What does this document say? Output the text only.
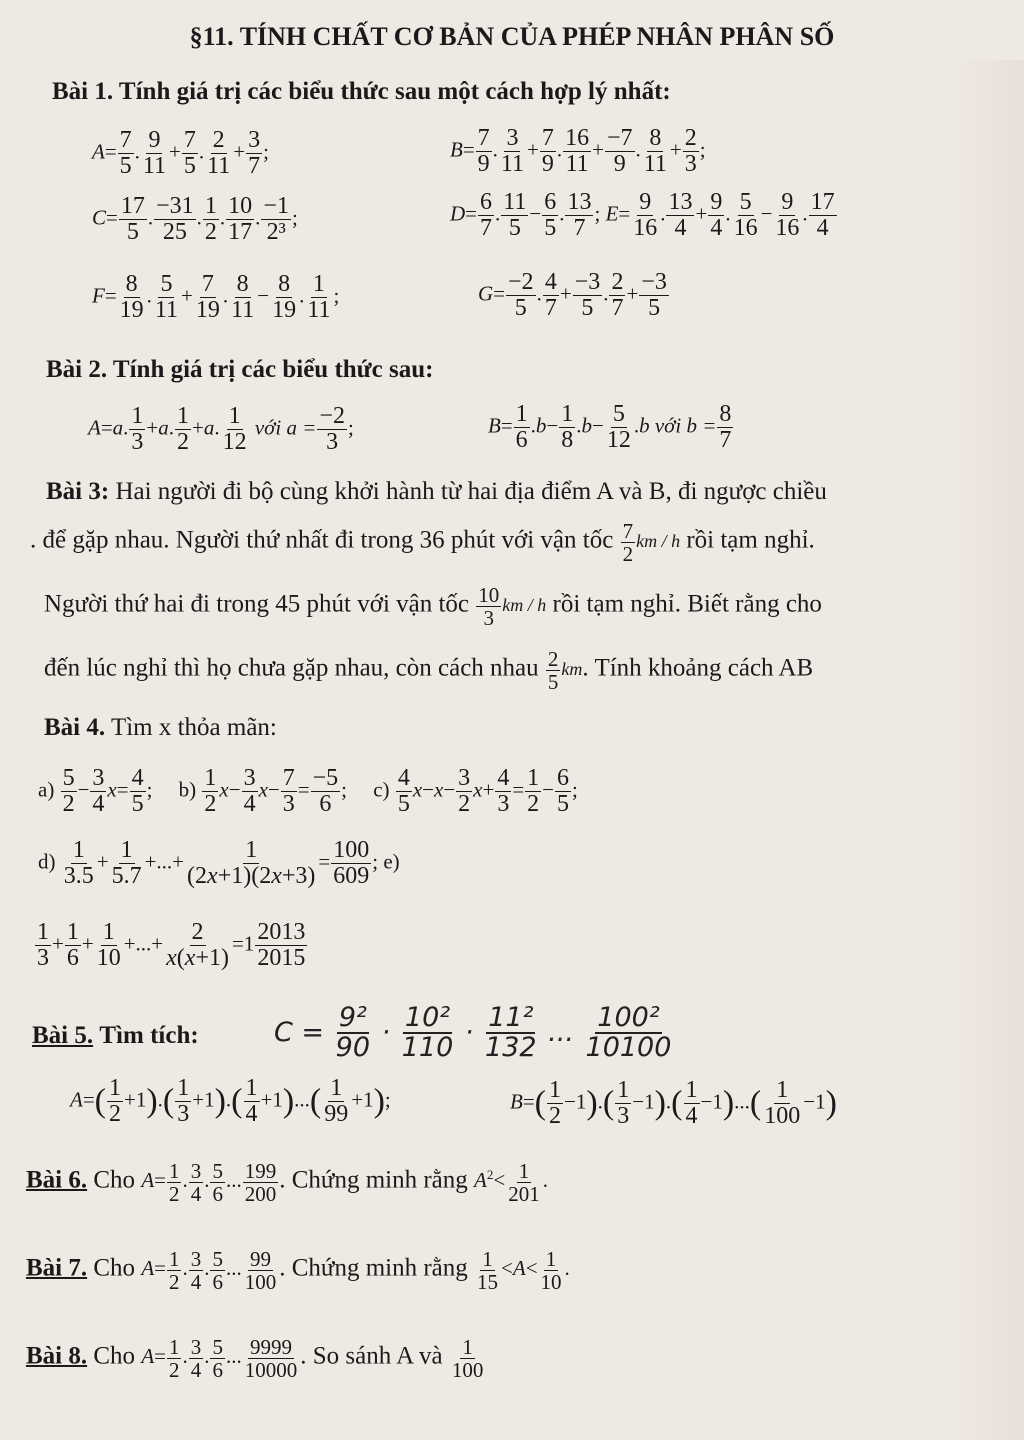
§11. TÍNH CHẤT CƠ BẢN CỦA PHÉP NHÂN PHÂN SỐ
Bài 1. Tính giá trị các biểu thức sau một cách hợp lý nhất:
$A= \frac{7}{5}$ . $\frac{9}{11} + \frac{7}{5}$ . $\frac{2}{11} + \frac{3}{7}$ ;	$B= \frac{7}{9}$ . $\frac{3}{11} + \frac{7}{9}$ . $\frac{16}{11} + \frac{-7}{9}$ . $\frac{8}{11} + \frac{2}{3}$ ;
$C= \frac{17}{5}$ . $\frac{-31}{25}$ . $\frac{1}{2}$ . $\frac{10}{17}$ . $\frac{-1}{\text{2³}}$ ;	$D= \frac{6}{7}$ . $\frac{11}{5} - \frac{6}{5}$ . $\frac{13}{7}$ ; $E= \frac{9}{16}$ . $\frac{13}{4} + \frac{9}{4}$ . $\frac{5}{16} - \frac{9}{16}$ . $\frac{17}{4}$
$F= \frac{8}{19}$ . $\frac{5}{11} + \frac{7}{19}$ . $\frac{8}{11} - \frac{8}{19}$ . $\frac{1}{11}$ ;	$G= \frac{-2}{5}$ . $\frac{4}{7} + \frac{-3}{5}$ . $\frac{2}{7} + \frac{-3}{5}$
Bài 2. Tính giá trị các biểu thức sau:
A=a. $\frac{1}{3} +a$. $\frac{1}{2} +a$. $\frac{1}{12}$ với $a = \frac{-2}{3}$ ;	$B= \frac{1}{6} .b- \frac{1}{8} .b- \frac{5}{12} .b$ với $b = \frac{8}{7}$
Bài 3: Hai người đi bộ cùng khởi hành từ hai địa điểm A và B, đi ngược chiều
. để gặp nhau. Người thứ nhất đi trong 36 phút với vận tốc $\frac{7}{2}$ km / h rồi tạm nghỉ.
Người thứ hai đi trong 45 phút với vận tốc $\frac{10}{3}$ km / h rồi tạm nghỉ. Biết rằng cho
đến lúc nghỉ thì họ chưa gặp nhau, còn cách nhau $\frac{2}{5}$ km. Tính khoảng cách AB
Bài 4. Tìm x thỏa mãn:
$a) \frac{5}{2} - \frac{3}{4} x= \frac{4}{5}$ ;     $b) \frac{1}{2} x- \frac{3}{4} x- \frac{7}{3} = \frac{-5}{6}$ ;     $c) \frac{4}{5} x-x- \frac{3}{2} x+ \frac{4}{3} = \frac{1}{2} - \frac{6}{5}$ ;
$d) \frac{1}{3.5} + \frac{1}{5.7}$ +...+ $\frac{1}{(2x+1)(2x+3)} = \frac{100}{609}$ ; e)
$\frac{1}{3} + \frac{1}{6} + \frac{1}{10}$ +...+ $\frac{2}{x(x+1)} =1 \frac{2013}{2015}$
Bài 5. Tìm tích:	$C = \frac{\text{9²}}{90} \cdot \frac{\text{10²}}{110} \cdot \frac{\text{11²}}{132}$ ... $\frac{\text{100²}}{10100}$
$A=( \frac{1}{2} +1).( \frac{1}{3} +1).( \frac{1}{4} +1)...( \frac{1}{99} +1)$;	$B=( \frac{1}{2} -1).( \frac{1}{3} -1).( \frac{1}{4} -1)...( \frac{1}{100} -1)$
Bài 6. Cho $A= \frac{1}{2}$ . $\frac{3}{4}$ . $\frac{5}{6}$ ... $\frac{199}{200}$ . Chứng minh rằng $A^2< \frac{1}{201}$ .
Bài 7. Cho $A= \frac{1}{2}$ . $\frac{3}{4}$ . $\frac{5}{6}$ ... $\frac{99}{100}$ . Chứng minh rằng $\frac{1}{15} <A< \frac{1}{10}$ .
Bài 8. Cho $A= \frac{1}{2}$ . $\frac{3}{4}$ . $\frac{5}{6}$ ... $\frac{9999}{10000}$ . So sánh A và $\frac{1}{100}$
